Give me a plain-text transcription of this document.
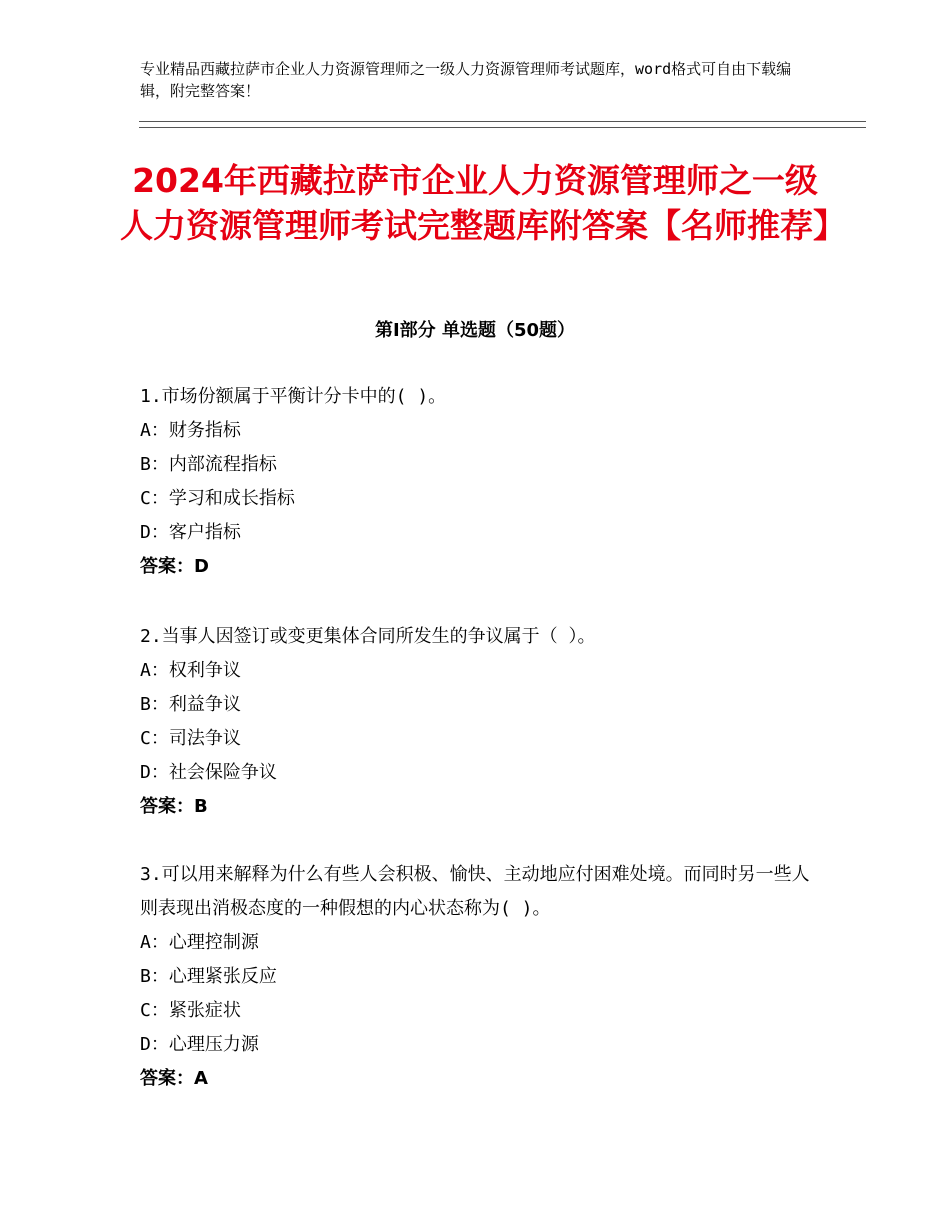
专业精品西藏拉萨市企业人力资源管理师之一级人力资源管理师考试题库，word格式可自由下载编辑，附完整答案！
2024年西藏拉萨市企业人力资源管理师之一级人力资源管理师考试完整题库附答案【名师推荐】
第Ⅰ部分 单选题（50题）

1.市场份额属于平衡计分卡中的( )。

A：财务指标

B：内部流程指标

C：学习和成长指标

D：客户指标

答案：D

2.当事人因签订或变更集体合同所发生的争议属于（ ）。

A：权利争议

B：利益争议

C：司法争议

D：社会保险争议

答案：B

3.可以用来解释为什么有些人会积极、愉快、主动地应付困难处境。而同时另一些人则表现出消极态度的一种假想的内心状态称为( )。

A：心理控制源

B：心理紧张反应

C：紧张症状

D：心理压力源

答案：A
